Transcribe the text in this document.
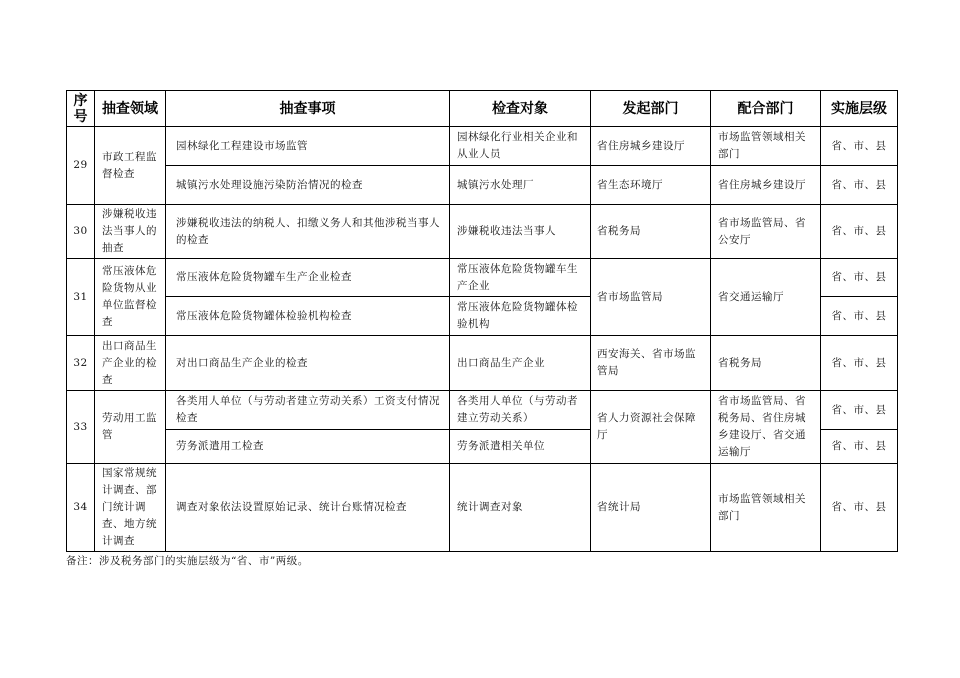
序号	抽查领域	抽查事项	检查对象	发起部门	配合部门	实施层级
29	市政工程监督检查	园林绿化工程建设市场监管	园林绿化行业相关企业和从业人员	省住房城乡建设厅	市场监管领域相关部门	省、市、县
		城镇污水处理设施污染防治情况的检查	城镇污水处理厂	省生态环境厅	省住房城乡建设厅	省、市、县
30	涉嫌税收违法当事人的抽查	涉嫌税收违法的纳税人、扣缴义务人和其他涉税当事人的检查	涉嫌税收违法当事人	省税务局	省市场监管局、省公安厅	省、市、县
31	常压液体危险货物从业单位监督检查	常压液体危险货物罐车生产企业检查	常压液体危险货物罐车生产企业	省市场监管局	省交通运输厅	省、市、县
		常压液体危险货物罐体检验机构检查	常压液体危险货物罐体检验机构			省、市、县
32	出口商品生产企业的检查	对出口商品生产企业的检查	出口商品生产企业	西安海关、省市场监管局	省税务局	省、市、县
33	劳动用工监管	各类用人单位（与劳动者建立劳动关系）工资支付情况检查	各类用人单位（与劳动者建立劳动关系）	省人力资源社会保障厅	省市场监管局、省税务局、省住房城乡建设厅、省交通运输厅	省、市、县
		劳务派遣用工检查	劳务派遣相关单位			省、市、县
34	国家常规统计调查、部门统计调查、地方统计调查	调查对象依法设置原始记录、统计台账情况检查	统计调查对象	省统计局	市场监管领域相关部门	省、市、县
备注：涉及税务部门的实施层级为“省、市”两级。
